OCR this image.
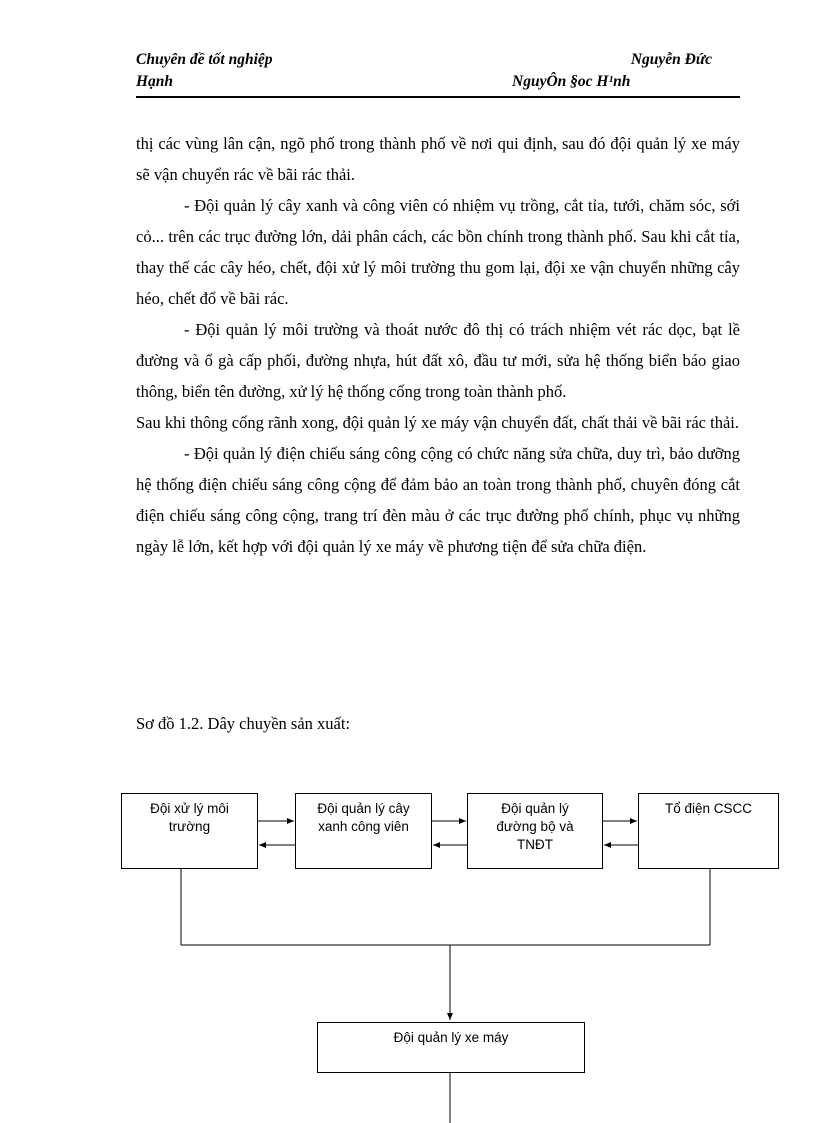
Chuyên đề tốt nghiệp	Nguyễn Đức
Hạnh	NguyÔn §oc H¹nh

thị các vùng lân cận, ngõ phố trong thành phố về nơi qui định, sau đó đội quản lý xe máy sẽ vận chuyển rác về bãi rác thải.

- Đội quản lý cây xanh và công viên có nhiệm vụ trồng, cắt tỉa, tưới, chăm sóc, sới cỏ... trên các trục đường lớn, dải phân cách, các bồn chính trong thành phố. Sau khi cắt tỉa, thay thế các cây héo, chết, đội xử lý môi trường thu gom lại, đội xe vận chuyển những cây héo, chết đổ về bãi rác.

- Đội quản lý môi trường và thoát nước đô thị có trách nhiệm vét rác dọc, bạt lề đường và ổ gà cấp phối, đường nhựa, hút đất xô, đầu tư mới, sửa hệ thống biển báo giao thông, biển tên đường, xử lý hệ thống cống trong toàn thành phố.

Sau khi thông cống rãnh xong, đội quản lý xe máy vận chuyển đất, chất thải về bãi rác thải.

- Đội quản lý điện chiếu sáng công cộng có chức năng sửa chữa, duy trì, bảo dưỡng hệ thống điện chiếu sáng công cộng để đảm bảo an toàn trong thành phố, chuyên đóng cắt điện chiếu sáng công cộng, trang trí đèn màu ở các trục đường phố chính, phục vụ những ngày lễ lớn, kết hợp với đội quản lý xe máy về phương tiện để sửa chữa điện.

Sơ đồ 1.2. Dây chuyền sản xuất:
Đội xử lý môi
trường
Đội quản lý cây
xanh công viên
Đội quản lý
đường bộ và
TNĐT
Tổ điện CSCC
Đội quản lý xe máy
